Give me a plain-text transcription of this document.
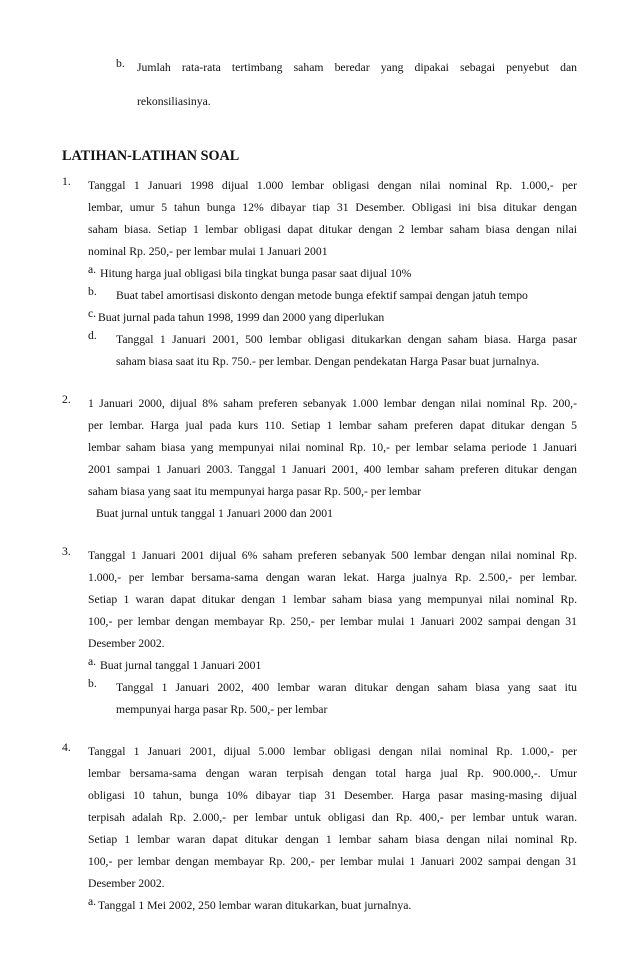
b. Jumlah rata-rata tertimbang saham beredar yang dipakai sebagai penyebut dan
rekonsiliasinya.
LATIHAN-LATIHAN SOAL
1. Tanggal 1 Januari 1998 dijual 1.000 lembar obligasi dengan nilai nominal Rp. 1.000,- per
lembar, umur 5 tahun bunga 12% dibayar tiap 31 Desember. Obligasi ini bisa ditukar dengan
saham biasa. Setiap 1 lembar obligasi dapat ditukar dengan 2 lembar saham biasa dengan nilai
nominal Rp. 250,- per lembar mulai 1 Januari 2001
a. Hitung harga jual obligasi bila tingkat bunga pasar saat dijual 10%
b. Buat tabel amortisasi diskonto dengan metode bunga efektif sampai dengan jatuh tempo
c. Buat jurnal pada tahun 1998, 1999 dan 2000 yang diperlukan
d. Tanggal 1 Januari 2001, 500 lembar obligasi ditukarkan dengan saham biasa. Harga pasar
saham biasa saat itu Rp. 750.- per lembar. Dengan pendekatan Harga Pasar buat jurnalnya.
2. 1 Januari 2000, dijual 8% saham preferen sebanyak 1.000 lembar dengan nilai nominal Rp. 200,-
per lembar. Harga jual pada kurs 110. Setiap 1 lembar saham preferen dapat ditukar dengan 5
lembar saham biasa yang mempunyai nilai nominal Rp. 10,- per lembar selama periode 1 Januari
2001 sampai 1 Januari 2003. Tanggal 1 Januari 2001, 400 lembar saham preferen ditukar dengan
saham biasa yang saat itu mempunyai harga pasar Rp. 500,- per lembar
Buat jurnal untuk tanggal 1 Januari 2000 dan 2001
3. Tanggal 1 Januari 2001 dijual 6% saham preferen sebanyak 500 lembar dengan nilai nominal Rp.
1.000,- per lembar bersama-sama dengan waran lekat. Harga jualnya Rp. 2.500,- per lembar.
Setiap 1 waran dapat ditukar dengan 1 lembar saham biasa yang mempunyai nilai nominal Rp.
100,- per lembar dengan membayar Rp. 250,- per lembar mulai 1 Januari 2002 sampai dengan 31
Desember 2002.
a. Buat jurnal tanggal 1 Januari 2001
b. Tanggal 1 Januari 2002, 400 lembar waran ditukar dengan saham biasa yang saat itu
mempunyai harga pasar Rp. 500,- per lembar
4. Tanggal 1 Januari 2001, dijual 5.000 lembar obligasi dengan nilai nominal Rp. 1.000,- per
lembar bersama-sama dengan waran terpisah dengan total harga jual Rp. 900.000,-. Umur
obligasi 10 tahun, bunga 10% dibayar tiap 31 Desember. Harga pasar masing-masing dijual
terpisah adalah Rp. 2.000,- per lembar untuk obligasi dan Rp. 400,- per lembar untuk waran.
Setiap 1 lembar waran dapat ditukar dengan 1 lembar saham biasa dengan nilai nominal Rp.
100,- per lembar dengan membayar Rp. 200,- per lembar mulai 1 Januari 2002 sampai dengan 31
Desember 2002.
a. Tanggal 1 Mei 2002, 250 lembar waran ditukarkan, buat jurnalnya.
